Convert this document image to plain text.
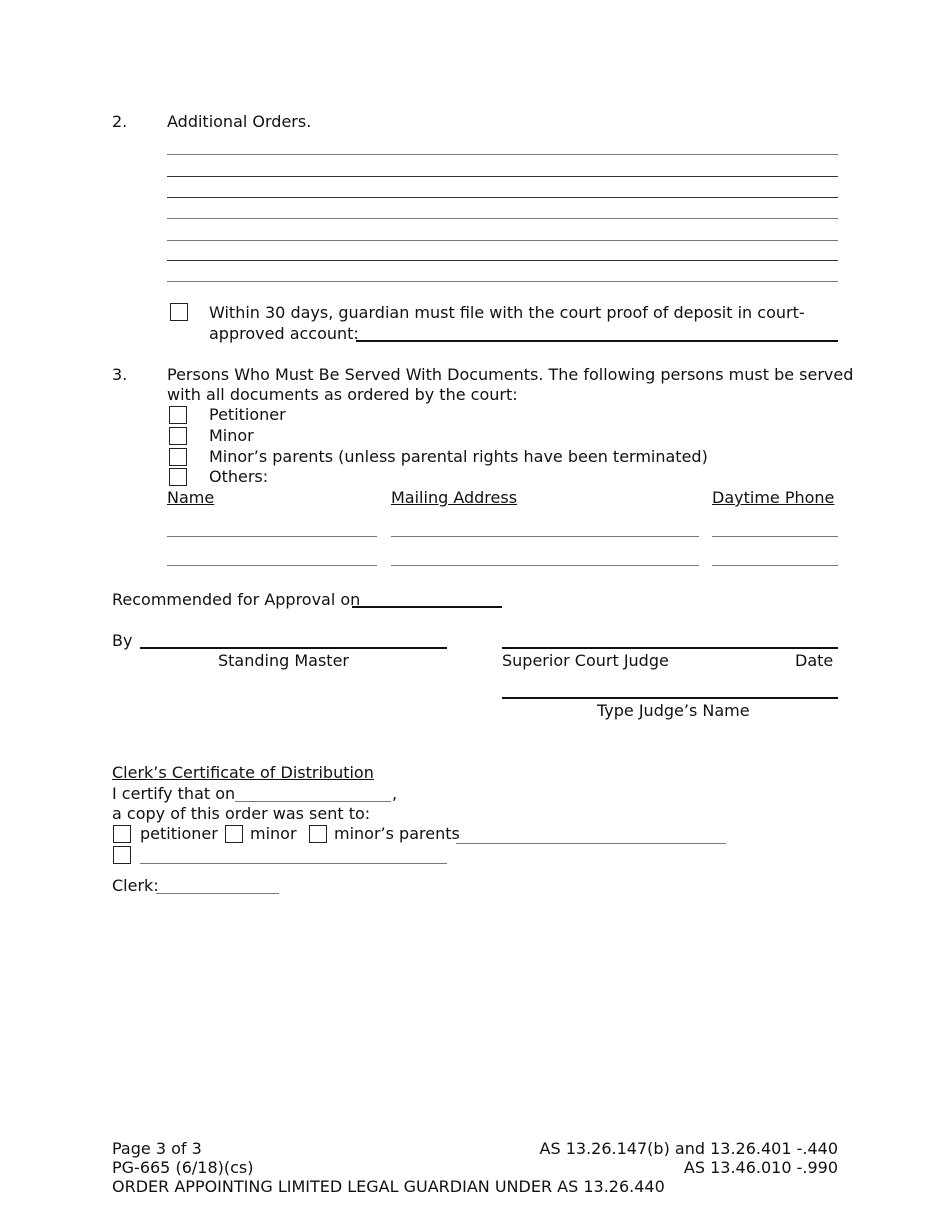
2. Additional Orders.
Within 30 days, guardian must file with the court proof of deposit in court-
approved account:
3. Persons Who Must Be Served With Documents. The following persons must be served
with all documents as ordered by the court:
Petitioner
Minor
Minor’s parents (unless parental rights have been terminated)
Others:
Name	Mailing Address	Daytime Phone
Recommended for Approval on
By
Standing Master	Superior Court Judge	Date
Type Judge’s Name
Clerk’s Certificate of Distribution
I certify that on	,
a copy of this order was sent to:
petitioner minor minor’s parents
Clerk:
Page 3 of 3
PG-665 (6/18)(cs)
ORDER APPOINTING LIMITED LEGAL GUARDIAN UNDER AS 13.26.440
AS 13.26.147(b) and 13.26.401 -.440
AS 13.46.010 -.990
